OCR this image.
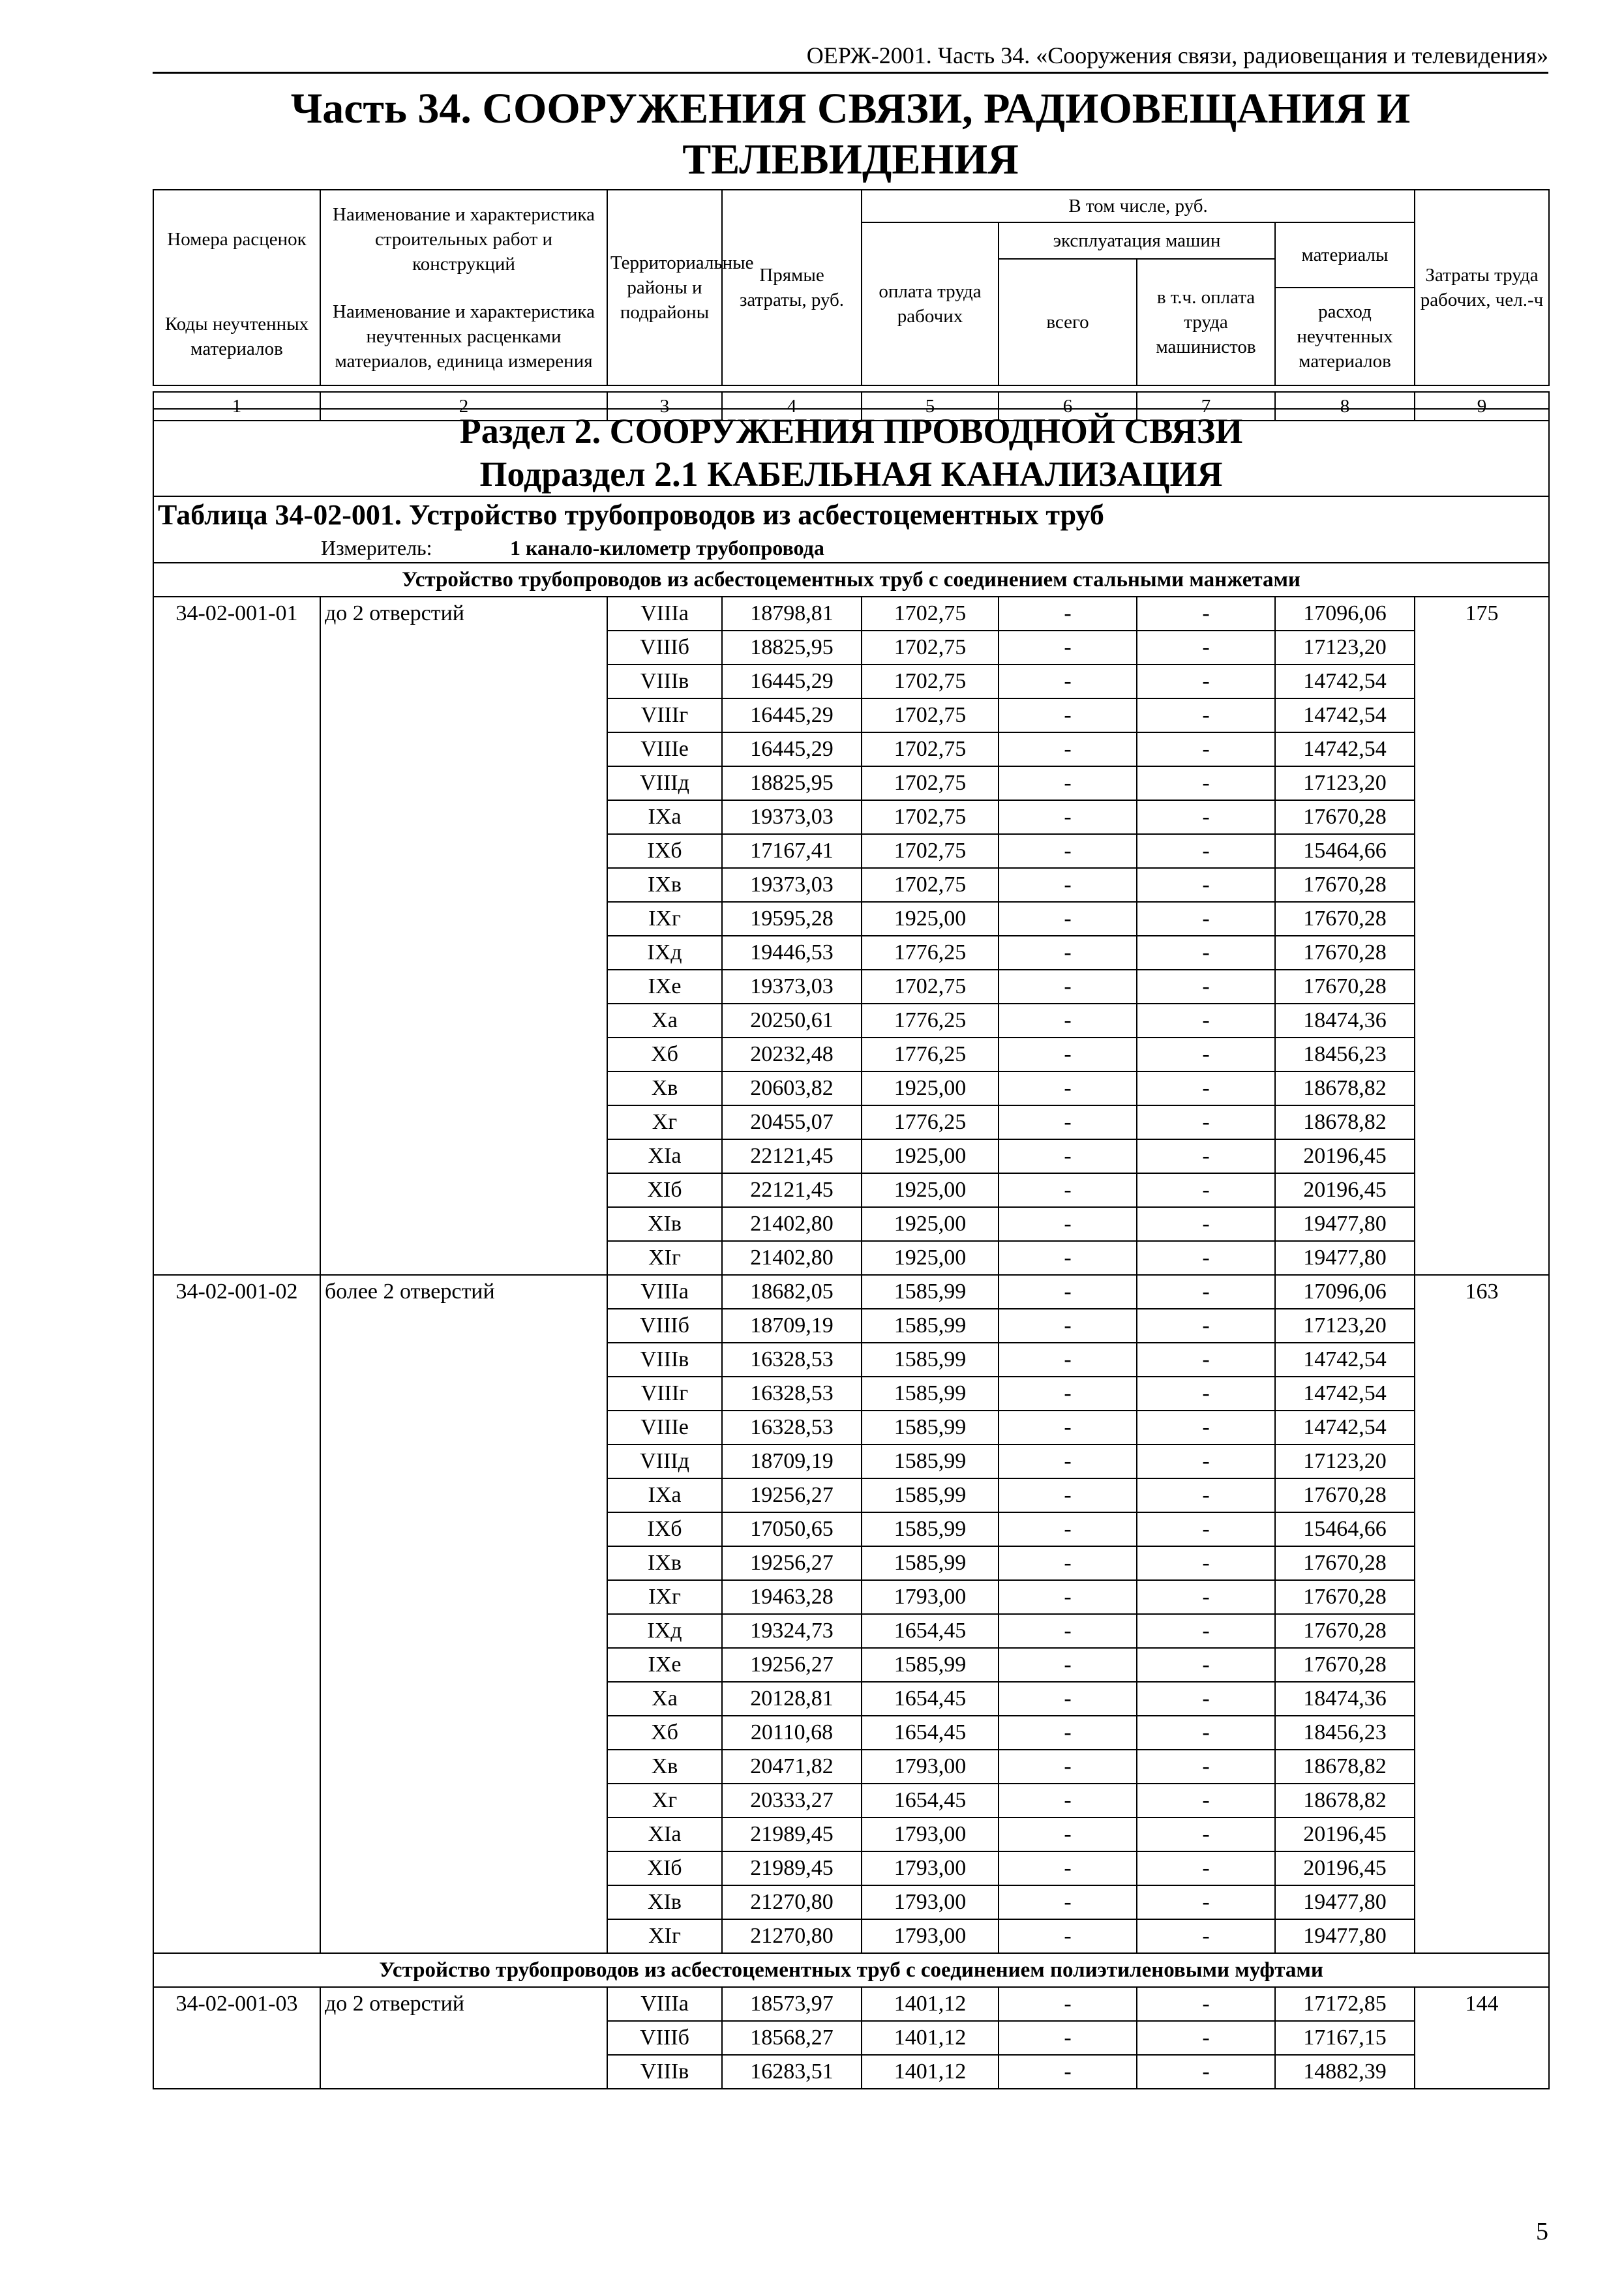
ОЕРЖ-2001. Часть 34. «Сооружения связи, радиовещания и телевидения»
Часть 34. СООРУЖЕНИЯ СВЯЗИ, РАДИОВЕЩАНИЯ И
ТЕЛЕВИДЕНИЯ
Номера расценок	Наименование и характеристика строительных работ и конструкций	Территориальные районы и подрайоны	Прямые затраты, руб.	В том числе, руб.				Затраты труда рабочих, чел.-ч
				оплата труда рабочих	эксплуатация машин		материалы	
					всего	в т.ч. оплата труда машинистов		
Коды неучтенных материалов	Наименование и характеристика неучтенных расценками материалов, единица измерения						расход неучтенных материалов	

1	2	3	4	5	6	7	8	9
Раздел 2. СООРУЖЕНИЯ ПРОВОДНОЙ СВЯЗИ								
Подраздел 2.1 КАБЕЛЬНАЯ КАНАЛИЗАЦИЯ								
Таблица 34-02-001. Устройство трубопроводов из асбестоцементных труб								
Измеритель: 1 канало-километр трубопровода								
Устройство трубопроводов из асбестоцементных труб с соединением стальными манжетами								
34-02-001-01	до 2 отверстий	VIIIа	18798,81	1702,75	-	-	17096,06	175
		VIIIб	18825,95	1702,75	-	-	17123,20	
		VIIIв	16445,29	1702,75	-	-	14742,54	
		VIIIг	16445,29	1702,75	-	-	14742,54	
		VIIIе	16445,29	1702,75	-	-	14742,54	
		VIIIд	18825,95	1702,75	-	-	17123,20	
		IXа	19373,03	1702,75	-	-	17670,28	
		IXб	17167,41	1702,75	-	-	15464,66	
		IXв	19373,03	1702,75	-	-	17670,28	
		IXг	19595,28	1925,00	-	-	17670,28	
		IXд	19446,53	1776,25	-	-	17670,28	
		IXе	19373,03	1702,75	-	-	17670,28	
		Xа	20250,61	1776,25	-	-	18474,36	
		Xб	20232,48	1776,25	-	-	18456,23	
		Xв	20603,82	1925,00	-	-	18678,82	
		Xг	20455,07	1776,25	-	-	18678,82	
		XIа	22121,45	1925,00	-	-	20196,45	
		XIб	22121,45	1925,00	-	-	20196,45	
		XIв	21402,80	1925,00	-	-	19477,80	
		XIг	21402,80	1925,00	-	-	19477,80	
34-02-001-02	более 2 отверстий	VIIIа	18682,05	1585,99	-	-	17096,06	163
		VIIIб	18709,19	1585,99	-	-	17123,20	
		VIIIв	16328,53	1585,99	-	-	14742,54	
		VIIIг	16328,53	1585,99	-	-	14742,54	
		VIIIе	16328,53	1585,99	-	-	14742,54	
		VIIIд	18709,19	1585,99	-	-	17123,20	
		IXа	19256,27	1585,99	-	-	17670,28	
		IXб	17050,65	1585,99	-	-	15464,66	
		IXв	19256,27	1585,99	-	-	17670,28	
		IXг	19463,28	1793,00	-	-	17670,28	
		IXд	19324,73	1654,45	-	-	17670,28	
		IXе	19256,27	1585,99	-	-	17670,28	
		Xа	20128,81	1654,45	-	-	18474,36	
		Xб	20110,68	1654,45	-	-	18456,23	
		Xв	20471,82	1793,00	-	-	18678,82	
		Xг	20333,27	1654,45	-	-	18678,82	
		XIа	21989,45	1793,00	-	-	20196,45	
		XIб	21989,45	1793,00	-	-	20196,45	
		XIв	21270,80	1793,00	-	-	19477,80	
		XIг	21270,80	1793,00	-	-	19477,80	
Устройство трубопроводов из асбестоцементных труб с соединением полиэтиленовыми муфтами								
34-02-001-03	до 2 отверстий	VIIIа	18573,97	1401,12	-	-	17172,85	144
		VIIIб	18568,27	1401,12	-	-	17167,15	
		VIIIв	16283,51	1401,12	-	-	14882,39	
5
